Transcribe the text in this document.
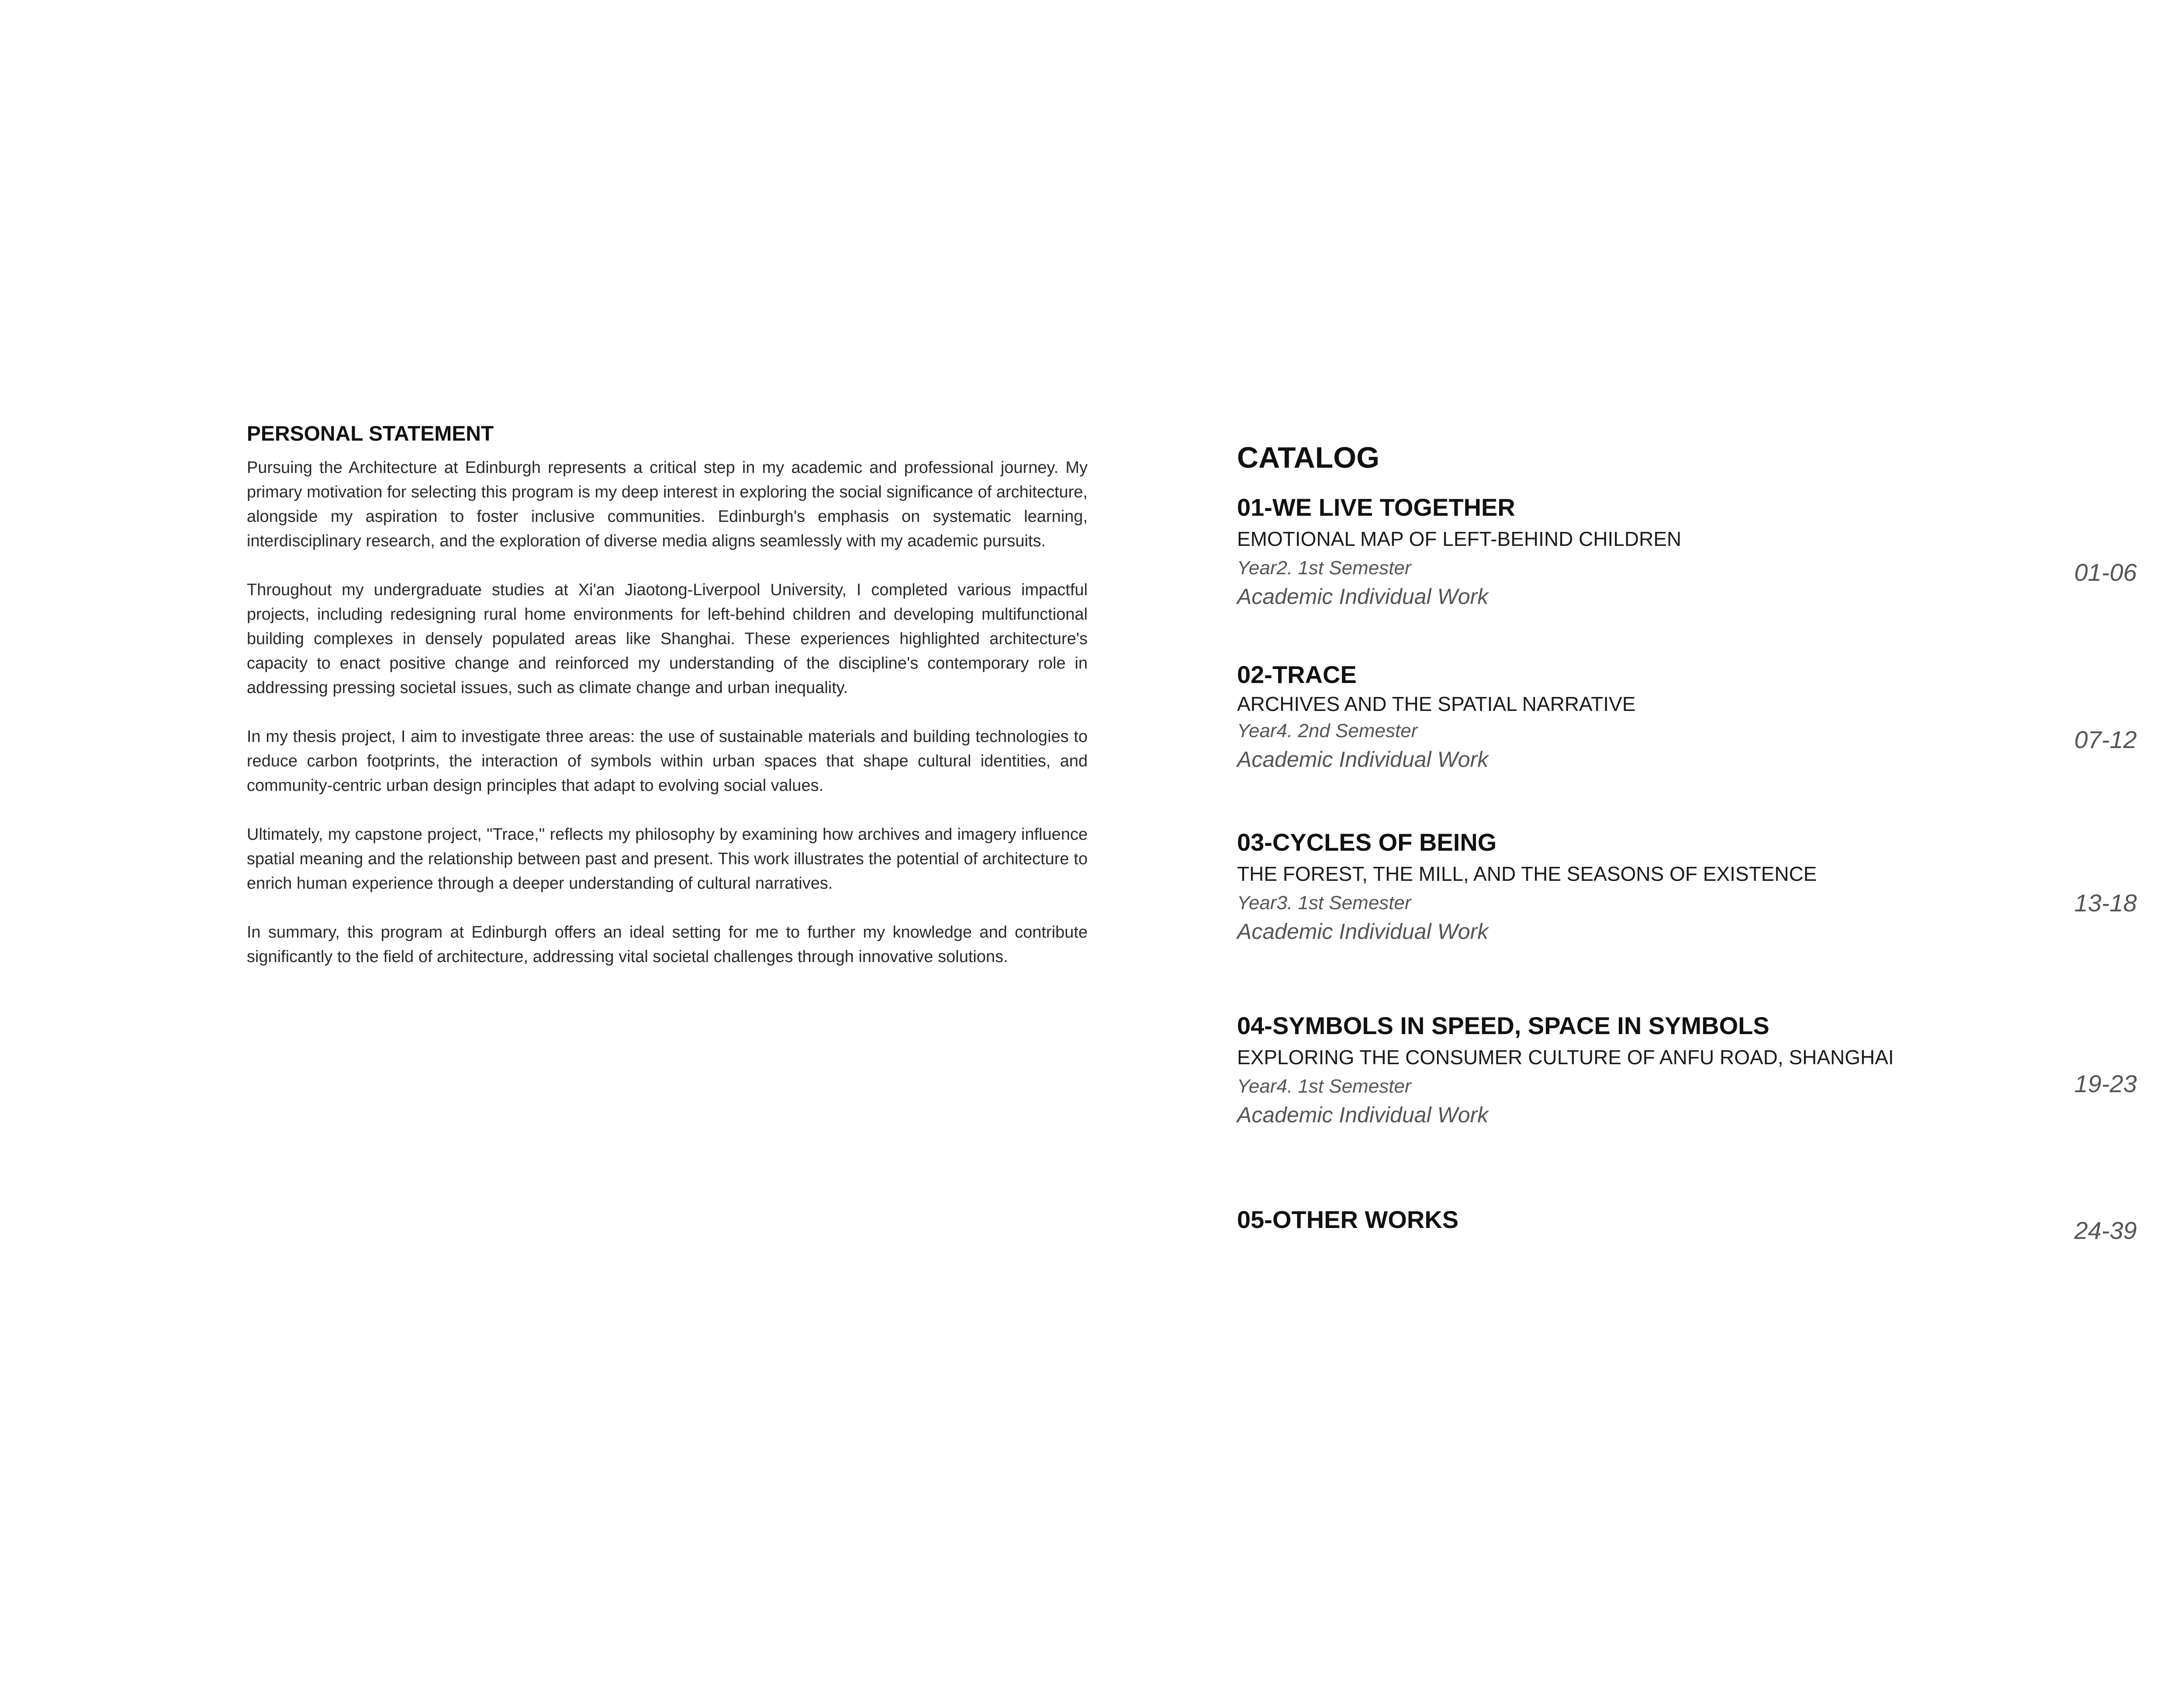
PERSONAL STATEMENT

Pursuing the Architecture at Edinburgh represents a critical step in my academic and professional journey. My primary motivation for selecting this program is my deep interest in exploring the social significance of architecture, alongside my aspiration to foster inclusive communities. Edinburgh's emphasis on systematic learning, interdisciplinary research, and the exploration of diverse media aligns seamlessly with my academic pursuits.

Throughout my undergraduate studies at Xi'an Jiaotong-Liverpool University, I completed various impactful projects, including redesigning rural home environments for left-behind children and developing multifunctional building complexes in densely populated areas like Shanghai. These experiences highlighted architecture's capacity to enact positive change and reinforced my understanding of the discipline's contemporary role in addressing pressing societal issues, such as climate change and urban inequality.

In my thesis project, I aim to investigate three areas: the use of sustainable materials and building technologies to reduce carbon footprints, the interaction of symbols within urban spaces that shape cultural identities, and community-centric urban design principles that adapt to evolving social values.

Ultimately, my capstone project, "Trace," reflects my philosophy by examining how archives and imagery influence spatial meaning and the relationship between past and present. This work illustrates the potential of architecture to enrich human experience through a deeper understanding of cultural narratives.

In summary, this program at Edinburgh offers an ideal setting for me to further my knowledge and contribute significantly to the field of architecture, addressing vital societal challenges through innovative solutions.

CATALOG
01-WE LIVE TOGETHER
EMOTIONAL MAP OF LEFT-BEHIND CHILDREN
Year2. 1st Semester
Academic Individual Work
01-06
02-TRACE
ARCHIVES AND THE SPATIAL NARRATIVE
Year4. 2nd Semester
Academic Individual Work
07-12
03-CYCLES OF BEING
THE FOREST, THE MILL, AND THE SEASONS OF EXISTENCE
Year3. 1st Semester
Academic Individual Work
13-18
04-SYMBOLS IN SPEED, SPACE IN SYMBOLS
EXPLORING THE CONSUMER CULTURE OF ANFU ROAD, SHANGHAI
Year4. 1st Semester
Academic Individual Work
19-23
05-OTHER WORKS	24-39
